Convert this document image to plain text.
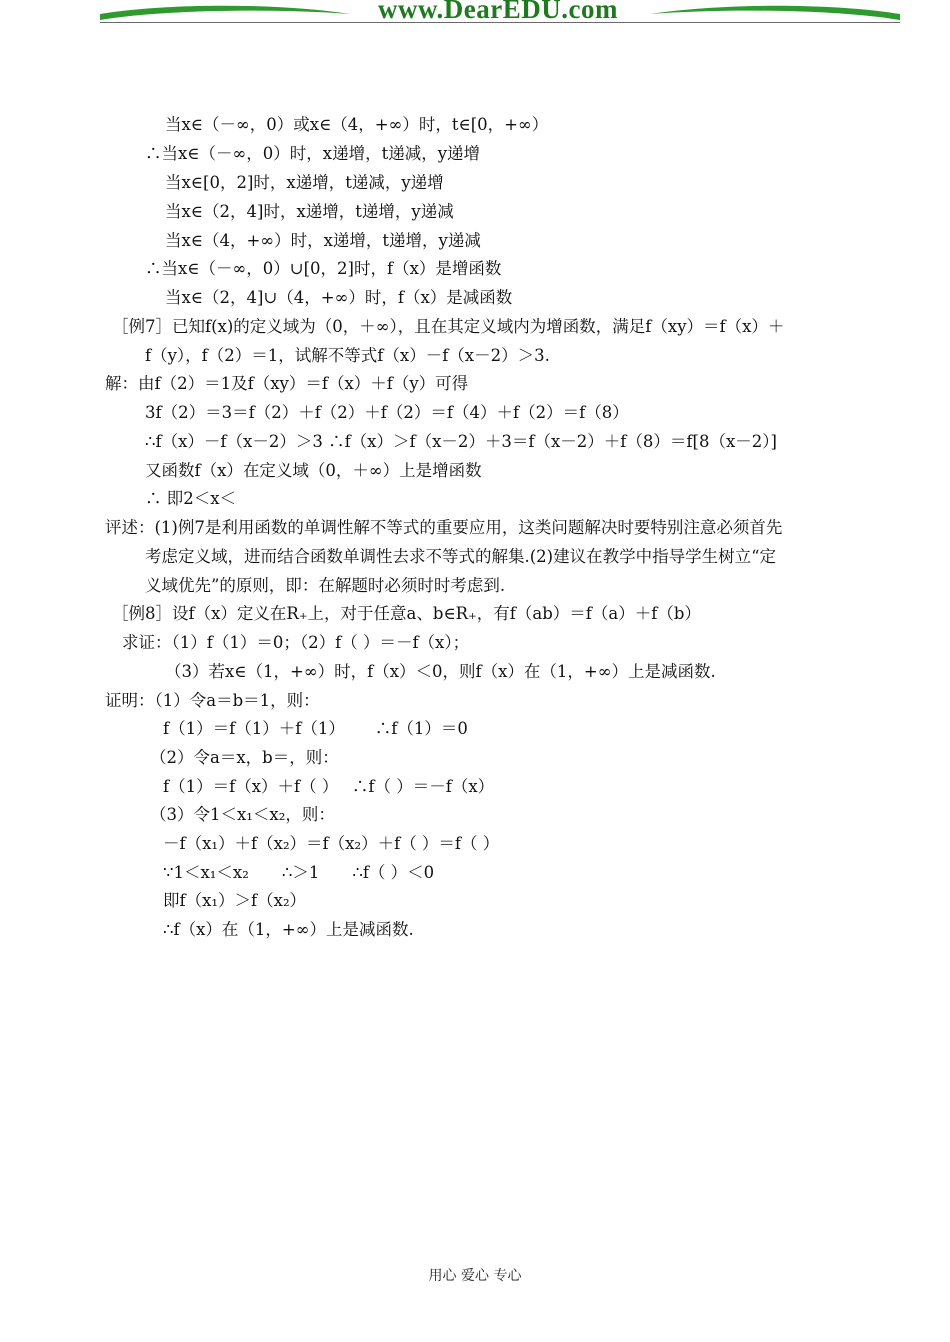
www.DearEDU.com
当x∈（－∞，0）或x∈（4，+∞）时，t∈[0，+∞）
∴当x∈（－∞，0）时，x递增，t递减，y递增
当x∈[0，2]时，x递增，t递减，y递增
当x∈（2，4]时，x递增，t递增，y递减
当x∈（4，+∞）时，x递增，t递增，y递减
∴当x∈（－∞，0）∪[0，2]时，f（x）是增函数
当x∈（2，4]∪（4，+∞）时，f（x）是减函数
［例7］已知f(x)的定义域为（0，＋∞），且在其定义域内为增函数，满足f（xy）＝f（x）＋
f（y），f（2）＝1，试解不等式f（x）－f（x－2）＞3.
解：由f（2）＝1及f（xy）＝f（x）＋f（y）可得
3f（2）＝3＝f（2）＋f（2）＋f（2）＝f（4）＋f（2）＝f（8）
∴f（x）－f（x－2）＞3 ∴f（x）＞f（x－2）＋3＝f（x－2）＋f（8）＝f[8（x－2）]
又函数f（x）在定义域（0，＋∞）上是增函数
∴ 即2＜x＜
评述：(1)例7是利用函数的单调性解不等式的重要应用，这类问题解决时要特别注意必须首先
考虑定义域，进而结合函数单调性去求不等式的解集.(2)建议在教学中指导学生树立“定
义域优先”的原则，即：在解题时必须时时考虑到.
［例8］设f（x）定义在R₊上，对于任意a、b∈R₊，有f（ab）＝f（a）＋f（b）
求证：（1）f（1）＝0；（2）f（ ）＝－f（x）；
（3）若x∈（1，+∞）时，f（x）＜0，则f（x）在（1，+∞）上是减函数.
证明：（1）令a＝b＝1，则：
f（1）＝f（1）＋f（1）　　 ∴f（1）＝0
（2）令a＝x，b＝，则：
f（1）＝f（x）＋f（ ）　 ∴f（ ）＝－f（x）
（3）令1＜x₁＜x₂，则：
－f（x₁）＋f（x₂）＝f（x₂）＋f（ ）＝f（ ）
∵1＜x₁＜x₂　　∴＞1　　∴f（ ）＜0
即f（x₁）＞f（x₂）
∴f（x）在（1，+∞）上是减函数.
用心 爱心 专心
